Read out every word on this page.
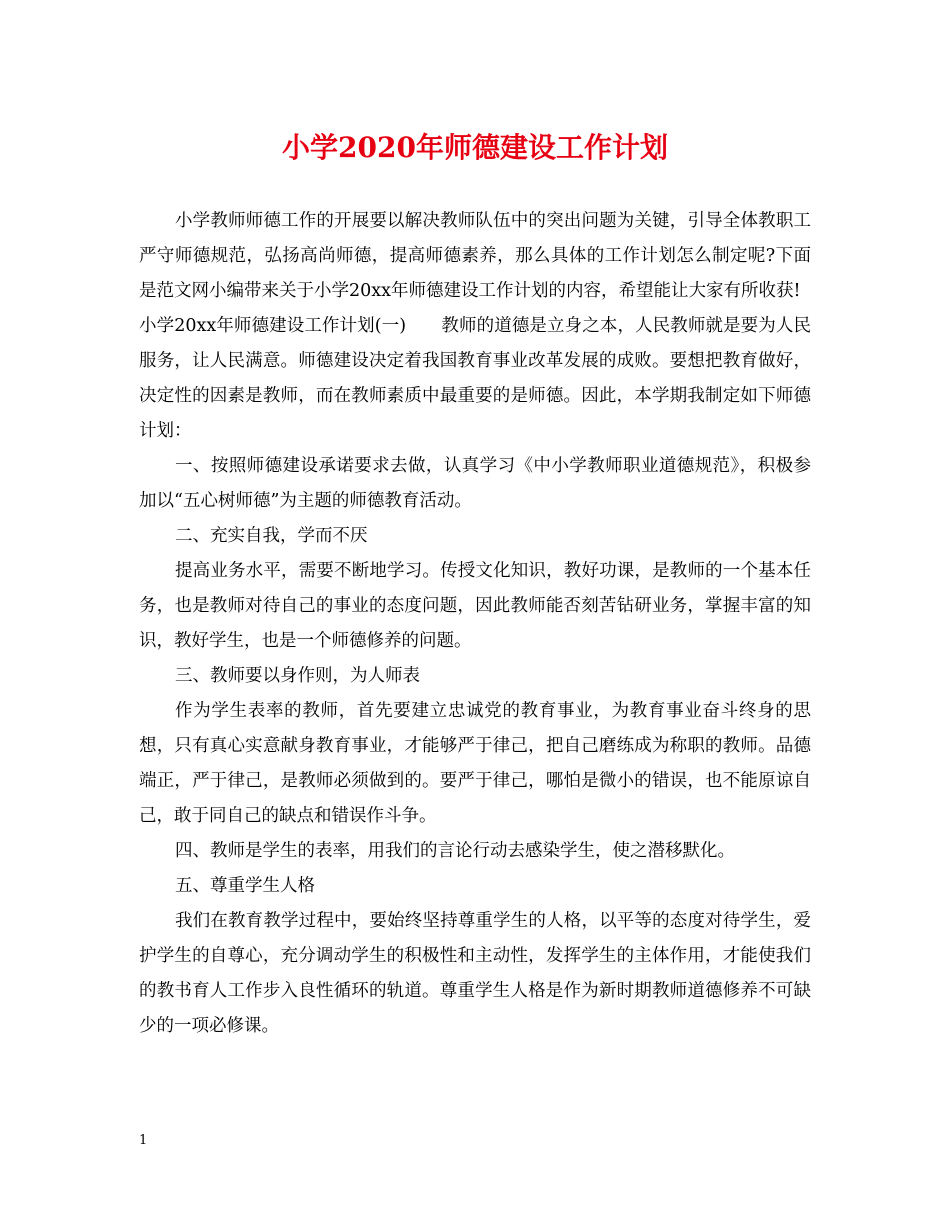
小学2020年师德建设工作计划

小学教师师德工作的开展要以解决教师队伍中的突出问题为关键，引导全体教职工严守师德规范，弘扬高尚师德，提高师德素养，那么具体的工作计划怎么制定呢?下面是范文网小编带来关于小学20xx年师德建设工作计划的内容，希望能让大家有所收获!

小学20xx年师德建设工作计划(一)　　教师的道德是立身之本，人民教师就是要为人民服务，让人民满意。师德建设决定着我国教育事业改革发展的成败。要想把教育做好，决定性的因素是教师，而在教师素质中最重要的是师德。因此，本学期我制定如下师德计划：

一、按照师德建设承诺要求去做，认真学习《中小学教师职业道德规范》，积极参加以“五心树师德”为主题的师德教育活动。

二、充实自我，学而不厌

提高业务水平，需要不断地学习。传授文化知识，教好功课，是教师的一个基本任务，也是教师对待自己的事业的态度问题，因此教师能否刻苦钻研业务，掌握丰富的知识，教好学生，也是一个师德修养的问题。

三、教师要以身作则，为人师表

作为学生表率的教师，首先要建立忠诚党的教育事业，为教育事业奋斗终身的思想，只有真心实意献身教育事业，才能够严于律己，把自己磨练成为称职的教师。品德端正，严于律己，是教师必须做到的。要严于律己，哪怕是微小的错误，也不能原谅自己，敢于同自己的缺点和错误作斗争。

四、教师是学生的表率，用我们的言论行动去感染学生，使之潜移默化。

五、尊重学生人格

我们在教育教学过程中，要始终坚持尊重学生的人格，以平等的态度对待学生，爱护学生的自尊心，充分调动学生的积极性和主动性，发挥学生的主体作用，才能使我们的教书育人工作步入良性循环的轨道。尊重学生人格是作为新时期教师道德修养不可缺少的一项必修课。

1
